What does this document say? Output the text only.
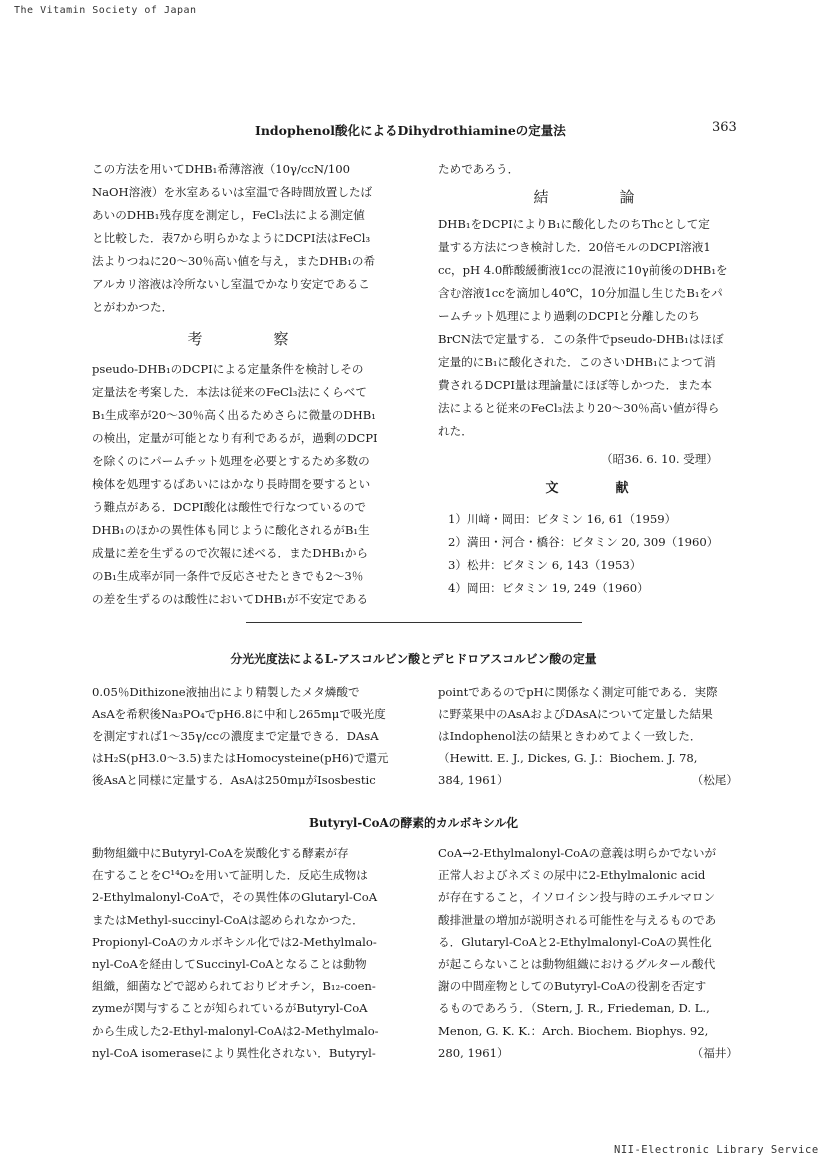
The Vitamin Society of Japan
Indophenol酸化によるDihydrothiamineの定量法	363

この方法を用いてDHB₁希薄溶液（10γ/ccN/100

NaOH溶液）を氷室あるいは室温で各時間放置したば

あいのDHB₁残存度を測定し，FeCl₃法による測定値

と比較した．表7から明らかなようにDCPI法はFeCl₃

法よりつねに20〜30％高い値を与え，またDHB₁の希

アルカリ溶液は冷所ないし室温でかなり安定であるこ

とがわかつた．

考　察

pseudo-DHB₁のDCPIによる定量条件を検討しその

定量法を考案した．本法は従来のFeCl₃法にくらべて

B₁生成率が20〜30％高く出るためさらに微量のDHB₁

の検出，定量が可能となり有利であるが，過剰のDCPI

を除くのにパームチット処理を必要とするため多数の

検体を処理するばあいにはかなり長時間を要するとい

う難点がある．DCPI酸化は酸性で行なつているので

DHB₁のほかの異性体も同じように酸化されるがB₁生

成量に差を生ずるので次報に述べる．またDHB₁から

のB₁生成率が同一条件で反応させたときでも2〜3％

の差を生ずるのは酸性においてDHB₁が不安定である

ためであろう．

結　論

DHB₁をDCPIによりB₁に酸化したのちThcとして定

量する方法につき検討した．20倍モルのDCPI溶液1

cc，pH 4.0酢酸緩衝液1ccの混液に10γ前後のDHB₁を

含む溶液1ccを滴加し40℃，10分加温し生じたB₁をパ

ームチット処理により過剰のDCPIと分離したのち

BrCN法で定量する．この条件でpseudo-DHB₁はほぼ

定量的にB₁に酸化された．このさいDHB₁によつて消

費されるDCPI量は理論量にほぼ等しかつた．また本

法によると従来のFeCl₃法より20〜30％高い値が得ら

れた．

（昭36. 6. 10. 受理）

文　献

1）川﨑・岡田：ビタミン 16, 61（1959）
2）満田・河合・橋谷：ビタミン 20, 309（1960）
3）松井：ビタミン 6, 143（1953）
4）岡田：ビタミン 19, 249（1960）
分光光度法によるL-アスコルビン酸とデヒドロアスコルビン酸の定量

0.05％Dithizone液抽出により精製したメタ燐酸で

AsAを希釈後Na₃PO₄でpH6.8に中和し265mμで吸光度

を測定すれば1〜35γ/ccの濃度まで定量できる．DAsA

はH₂S(pH3.0〜3.5)またはHomocysteine(pH6)で還元

後AsAと同様に定量する．AsAは250mμがIsosbestic

pointであるのでpHに関係なく測定可能である．実際

に野菜果中のAsAおよびDAsAについて定量した結果

はIndophenol法の結果ときわめてよく一致した．

（Hewitt. E. J., Dickes, G. J.：Biochem. J. 78,

384, 1961）	（松尾）
Butyryl-CoAの酵素的カルボキシル化

動物組織中にButyryl-CoAを炭酸化する酵素が存

在することをC¹⁴O₂を用いて証明した．反応生成物は

2-Ethylmalonyl-CoAで，その異性体のGlutaryl-CoA

またはMethyl-succinyl-CoAは認められなかつた．

Propionyl-CoAのカルボキシル化では2-Methylmalo-

nyl-CoAを経由してSuccinyl-CoAとなることは動物

組織，細菌などで認められておりビオチン，B₁₂-coen-

zymeが関与することが知られているがButyryl-CoA

から生成した2-Ethyl-malonyl-CoAは2-Methylmalo-

nyl-CoA isomeraseにより異性化されない．Butyryl-

CoA→2-Ethylmalonyl-CoAの意義は明らかでないが

正常人およびネズミの尿中に2-Ethylmalonic acid

が存在すること，イソロイシン投与時のエチルマロン

酸排泄量の増加が説明される可能性を与えるものであ

る．Glutaryl-CoAと2-Ethylmalonyl-CoAの異性化

が起こらないことは動物組織におけるグルタール酸代

謝の中間産物としてのButyryl-CoAの役割を否定す

るものであろう．（Stern, J. R., Friedeman, D. L.,

Menon, G. K. K.：Arch. Biochem. Biophys. 92,

280, 1961）	（福井）
NII-Electronic Library Service
